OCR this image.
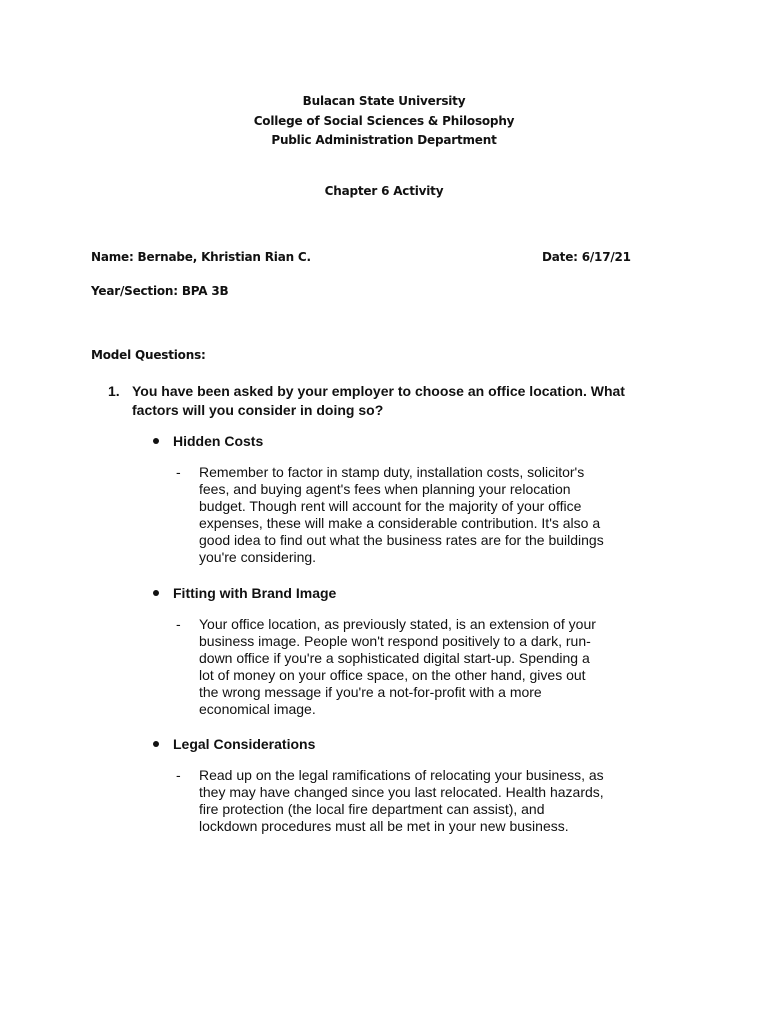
Bulacan State University
College of Social Sciences & Philosophy
Public Administration Department
Chapter 6 Activity
Name: Bernabe, Khristian Rian C.	Date: 6/17/21
Year/Section: BPA 3B
Model Questions:
1. You have been asked by your employer to choose an office location. What factors will you consider in doing so?
Hidden Costs
- Remember to factor in stamp duty, installation costs, solicitor's fees, and buying agent's fees when planning your relocation budget. Though rent will account for the majority of your office expenses, these will make a considerable contribution. It's also a good idea to find out what the business rates are for the buildings you're considering.
Fitting with Brand Image
- Your office location, as previously stated, is an extension of your business image. People won't respond positively to a dark, run-down office if you're a sophisticated digital start-up. Spending a lot of money on your office space, on the other hand, gives out the wrong message if you're a not-for-profit with a more economical image.
Legal Considerations
- Read up on the legal ramifications of relocating your business, as they may have changed since you last relocated. Health hazards, fire protection (the local fire department can assist), and lockdown procedures must all be met in your new business.
